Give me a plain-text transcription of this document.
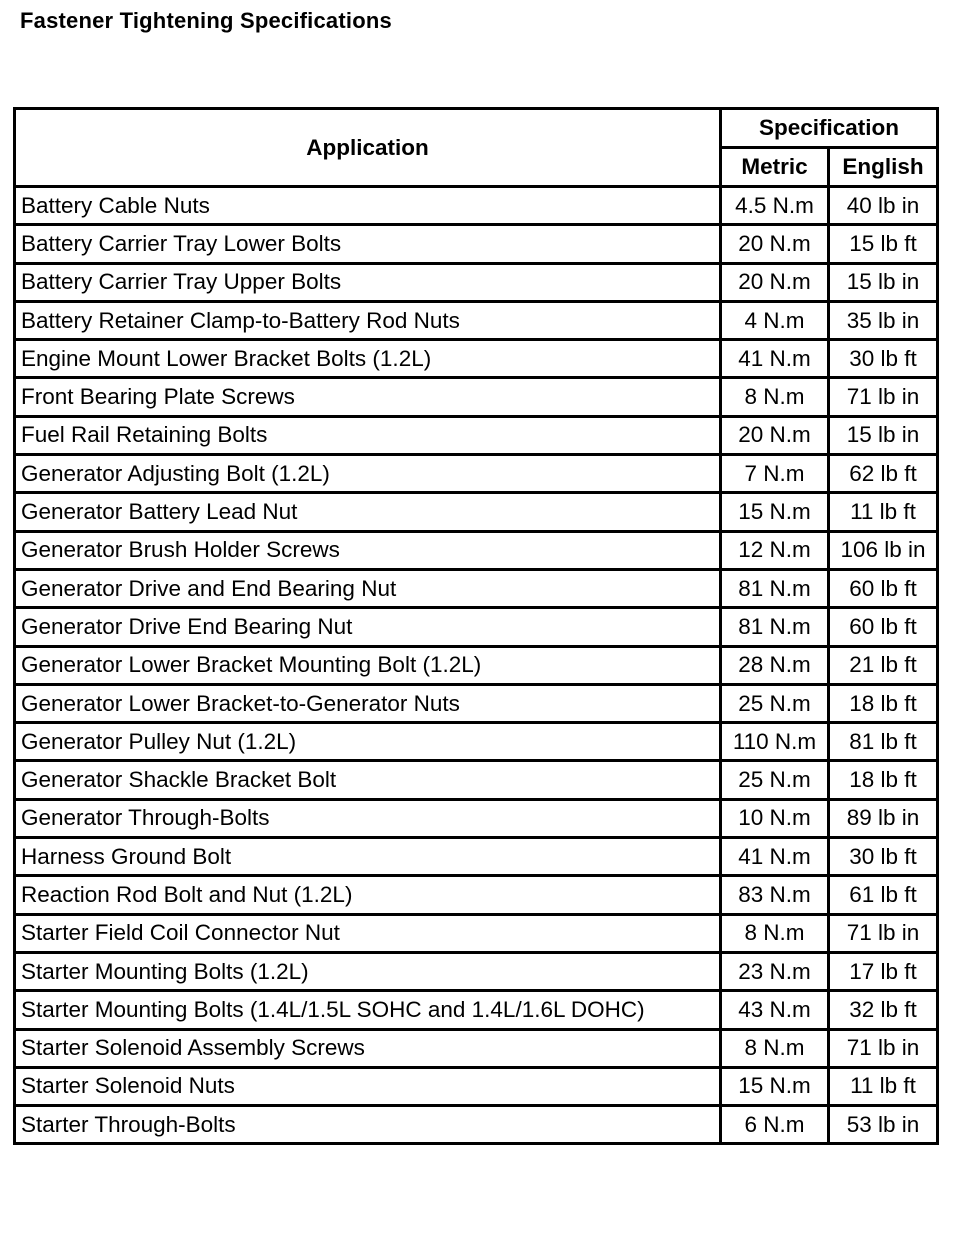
Fastener Tightening Specifications
Application	Specification	
	Metric	English
Battery Cable Nuts	4.5 N.m	40 lb in
Battery Carrier Tray Lower Bolts	20 N.m	15 lb ft
Battery Carrier Tray Upper Bolts	20 N.m	15 lb in
Battery Retainer Clamp-to-Battery Rod Nuts	4 N.m	35 lb in
Engine Mount Lower Bracket Bolts (1.2L)	41 N.m	30 lb ft
Front Bearing Plate Screws	8 N.m	71 lb in
Fuel Rail Retaining Bolts	20 N.m	15 lb in
Generator Adjusting Bolt (1.2L)	7 N.m	62 lb ft
Generator Battery Lead Nut	15 N.m	11 lb ft
Generator Brush Holder Screws	12 N.m	106 lb in
Generator Drive and End Bearing Nut	81 N.m	60 lb ft
Generator Drive End Bearing Nut	81 N.m	60 lb ft
Generator Lower Bracket Mounting Bolt (1.2L)	28 N.m	21 lb ft
Generator Lower Bracket-to-Generator Nuts	25 N.m	18 lb ft
Generator Pulley Nut (1.2L)	110 N.m	81 lb ft
Generator Shackle Bracket Bolt	25 N.m	18 lb ft
Generator Through-Bolts	10 N.m	89 lb in
Harness Ground Bolt	41 N.m	30 lb ft
Reaction Rod Bolt and Nut (1.2L)	83 N.m	61 lb ft
Starter Field Coil Connector Nut	8 N.m	71 lb in
Starter Mounting Bolts (1.2L)	23 N.m	17 lb ft
Starter Mounting Bolts (1.4L/1.5L SOHC and 1.4L/1.6L DOHC)	43 N.m	32 lb ft
Starter Solenoid Assembly Screws	8 N.m	71 lb in
Starter Solenoid Nuts	15 N.m	11 lb ft
Starter Through-Bolts	6 N.m	53 lb in
